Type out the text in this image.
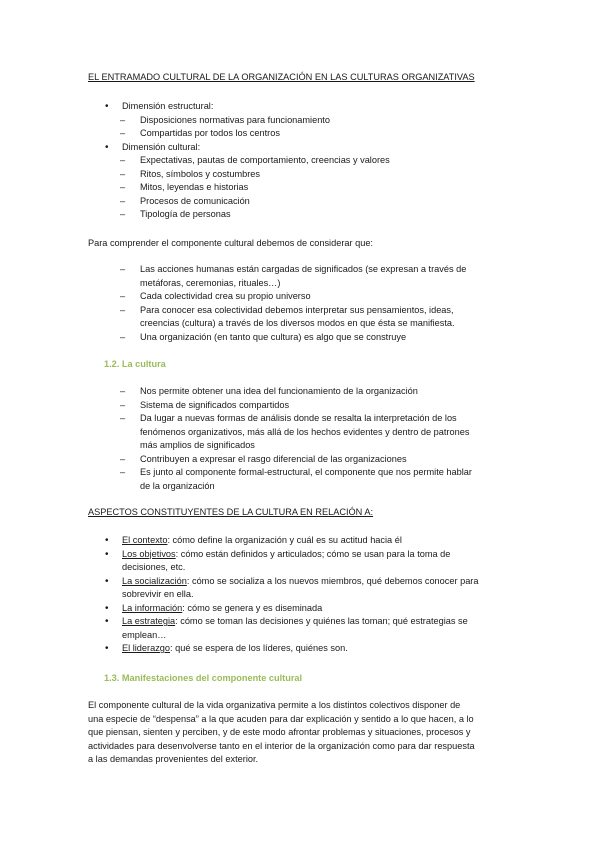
EL ENTRAMADO CULTURAL DE LA ORGANIZACIÓN EN LAS CULTURAS ORGANIZATIVAS
• Dimensión estructural:
– Disposiciones normativas para funcionamiento
– Compartidas por todos los centros
• Dimensión cultural:
– Expectativas, pautas de comportamiento, creencias y valores
– Ritos, símbolos y costumbres
– Mitos, leyendas e historias
– Procesos de comunicación
– Tipología de personas
Para comprender el componente cultural debemos de considerar que:
– Las acciones humanas están cargadas de significados (se expresan a través de
metáforas, ceremonias, rituales…)
– Cada colectividad crea su propio universo
– Para conocer esa colectividad debemos interpretar sus pensamientos, ideas,
creencias (cultura) a través de los diversos modos en que ésta se manifiesta.
– Una organización (en tanto que cultura) es algo que se construye
1.2. La cultura
– Nos permite obtener una idea del funcionamiento de la organización
– Sistema de significados compartidos
– Da lugar a nuevas formas de análisis donde se resalta la interpretación de los
fenómenos organizativos, más allá de los hechos evidentes y dentro de patrones
más amplios de significados
– Contribuyen a expresar el rasgo diferencial de las organizaciones
– Es junto al componente formal-estructural, el componente que nos permite hablar
de la organización
ASPECTOS CONSTITUYENTES DE LA CULTURA EN RELACIÓN A:
• El contexto: cómo define la organización y cuál es su actitud hacia él
• Los objetivos: cómo están definidos y articulados; cómo se usan para la toma de
decisiones, etc.
• La socialización: cómo se socializa a los nuevos miembros, qué debemos conocer para
sobrevivir en ella.
• La información: cómo se genera y es diseminada
• La estrategia: cómo se toman las decisiones y quiénes las toman; qué estrategias se
emplean…
• El liderazgo: qué se espera de los líderes, quiénes son.
1.3. Manifestaciones del componente cultural
El componente cultural de la vida organizativa permite a los distintos colectivos disponer de
una especie de “despensa” a la que acuden para dar explicación y sentido a lo que hacen, a lo
que piensan, sienten y perciben, y de este modo afrontar problemas y situaciones, procesos y
actividades para desenvolverse tanto en el interior de la organización como para dar respuesta
a las demandas provenientes del exterior.
